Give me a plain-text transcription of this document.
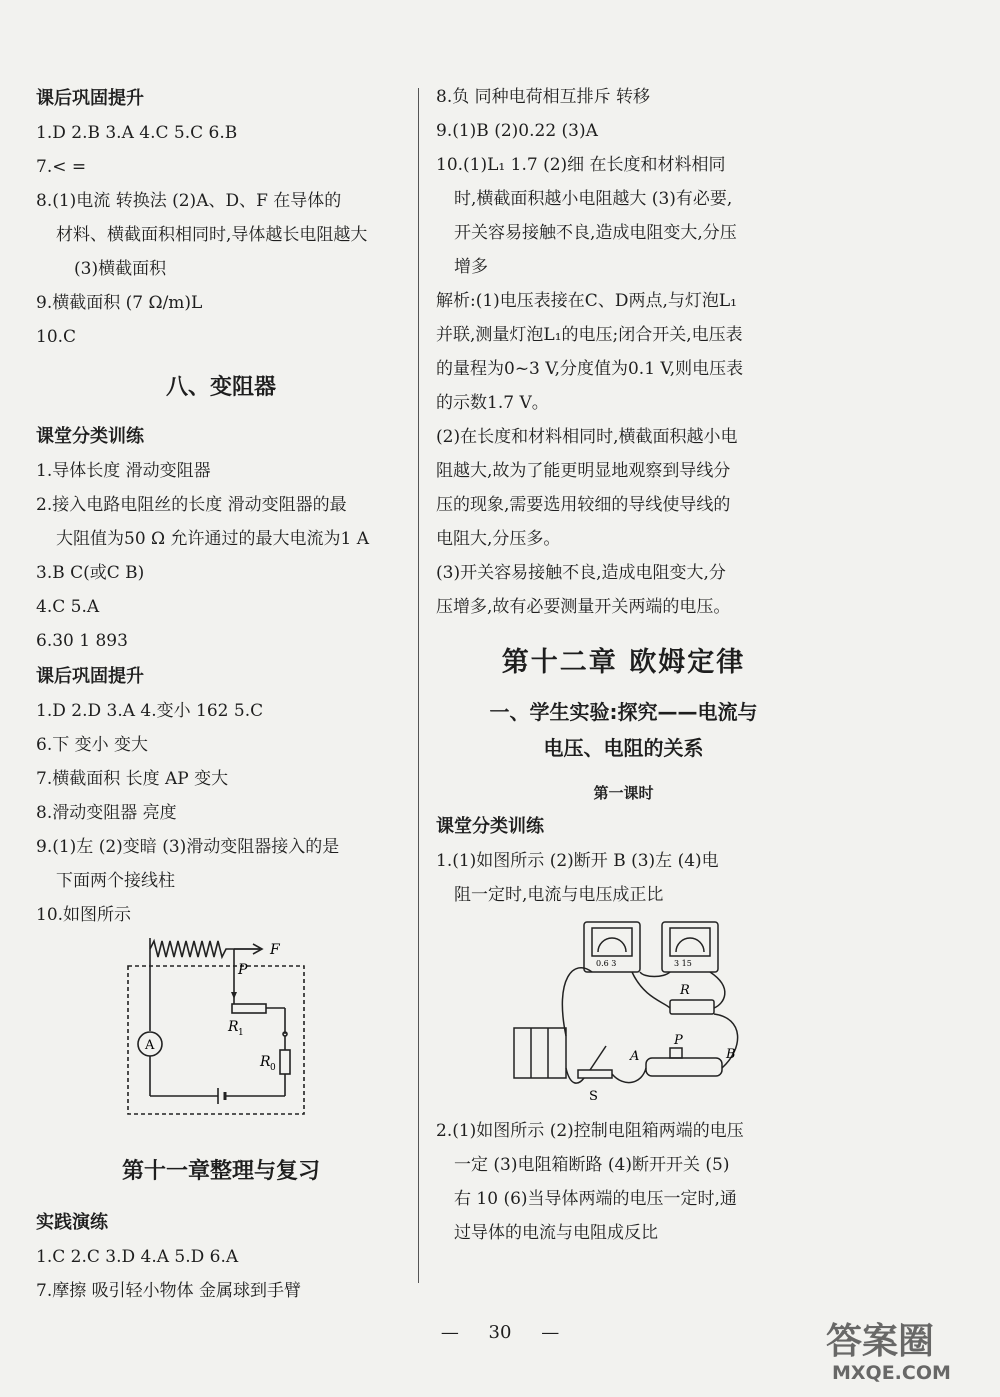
课后巩固提升
1.D 2.B 3.A 4.C 5.C 6.B
7.< =
8.(1)电流 转换法 (2)A、D、F 在导体的
材料、横截面积相同时,导体越长电阻越大
(3)横截面积
9.横截面积 (7 Ω/m)L
10.C
八、变阻器
课堂分类训练
1.导体长度 滑动变阻器
2.接入电路电阻丝的长度 滑动变阻器的最
大阻值为50 Ω 允许通过的最大电流为1 A
3.B C(或C B)
4.C 5.A
6.30 1 893
课后巩固提升
1.D 2.D 3.A 4.变小 162 5.C
6.下 变小 变大
7.横截面积 长度 AP 变大
8.滑动变阻器 亮度
9.(1)左 (2)变暗 (3)滑动变阻器接入的是
下面两个接线柱
10.如图所示
F
P
R 1
R 0
A
第十一章整理与复习
实践演练
1.C 2.C 3.D 4.A 5.D 6.A
7.摩擦 吸引轻小物体 金属球到手臂
8.负 同种电荷相互排斥 转移
9.(1)B (2)0.22 (3)A
10.(1)L₁ 1.7 (2)细 在长度和材料相同
时,横截面积越小电阻越大 (3)有必要,
开关容易接触不良,造成电阻变大,分压
增多
解析:(1)电压表接在C、D两点,与灯泡L₁
并联,测量灯泡L₁的电压;闭合开关,电压表
的量程为0~3 V,分度值为0.1 V,则电压表
的示数1.7 V。
(2)在长度和材料相同时,横截面积越小电
阻越大,故为了能更明显地观察到导线分
压的现象,需要选用较细的导线使导线的
电阻大,分压多。
(3)开关容易接触不良,造成电阻变大,分
压增多,故有必要测量开关两端的电压。
第十二章 欧姆定律
一、学生实验:探究——电流与
电压、电阻的关系
第一课时
课堂分类训练
1.(1)如图所示 (2)断开 B (3)左 (4)电
阻一定时,电流与电压成正比
0.6 3	3 15
R
P
A	B
S
2.(1)如图所示 (2)控制电阻箱两端的电压
一定 (3)电阻箱断路 (4)断开开关 (5)
右 10 (6)当导体两端的电压一定时,通
过导体的电流与电阻成反比
— 30 —	答案圈
MXQE.COM
